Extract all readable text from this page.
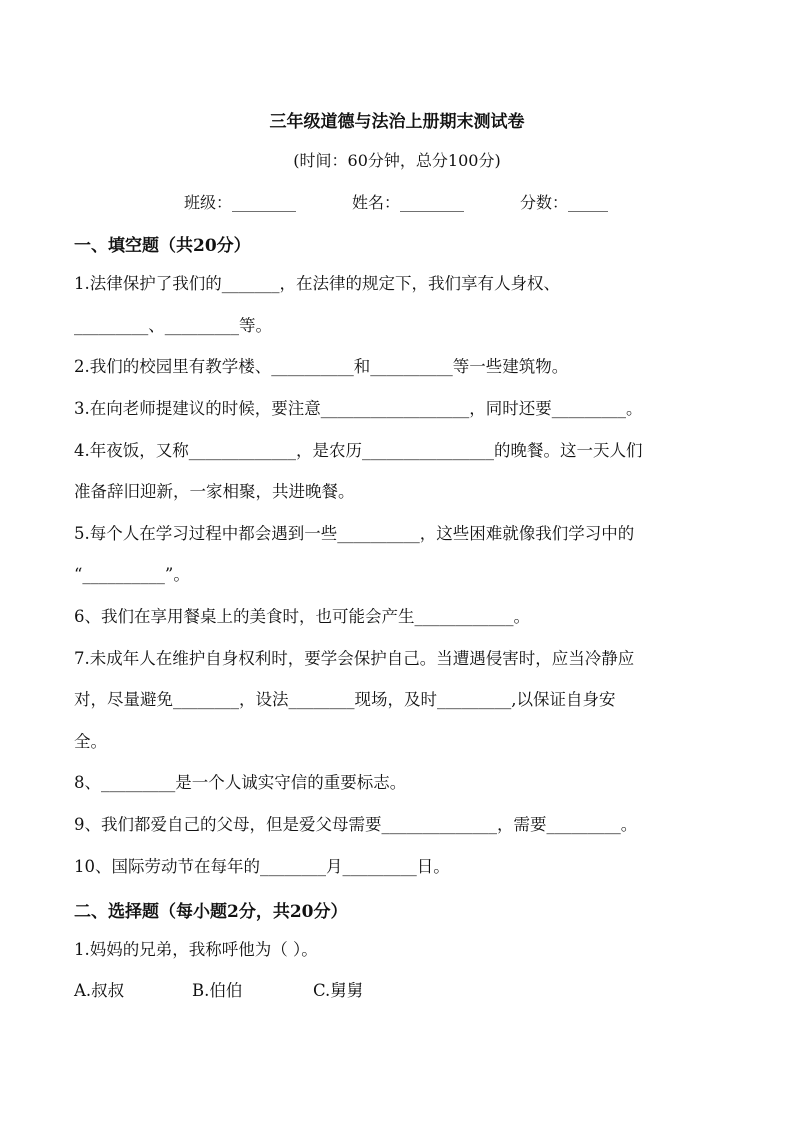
三年级道德与法治上册期末测试卷
(时间：60分钟，总分100分)
班级：________	姓名：________	分数：_____
一、填空题（共20分）
1.法律保护了我们的_______，在法律的规定下，我们享有人身权、
_________、_________等。
2.我们的校园里有教学楼、__________和__________等一些建筑物。
3.在向老师提建议的时候，要注意__________________，同时还要_________。
4.年夜饭，又称_____________，是农历________________的晚餐。这一天人们
准备辞旧迎新，一家相聚，共进晚餐。
5.每个人在学习过程中都会遇到一些__________，这些困难就像我们学习中的
“__________”。
6、我们在享用餐桌上的美食时，也可能会产生____________。
7.未成年人在维护自身权利时，要学会保护自己。当遭遇侵害时，应当冷静应
对，尽量避免________，设法________现场，及时_________,以保证自身安
全。
8、_________是一个人诚实守信的重要标志。
9、我们都爱自己的父母，但是爱父母需要______________，需要_________。
10、国际劳动节在每年的________月_________日。
二、选择题（每小题2分，共20分）
1.妈妈的兄弟，我称呼他为（ ）。
A.叔叔	B.伯伯	C.舅舅
